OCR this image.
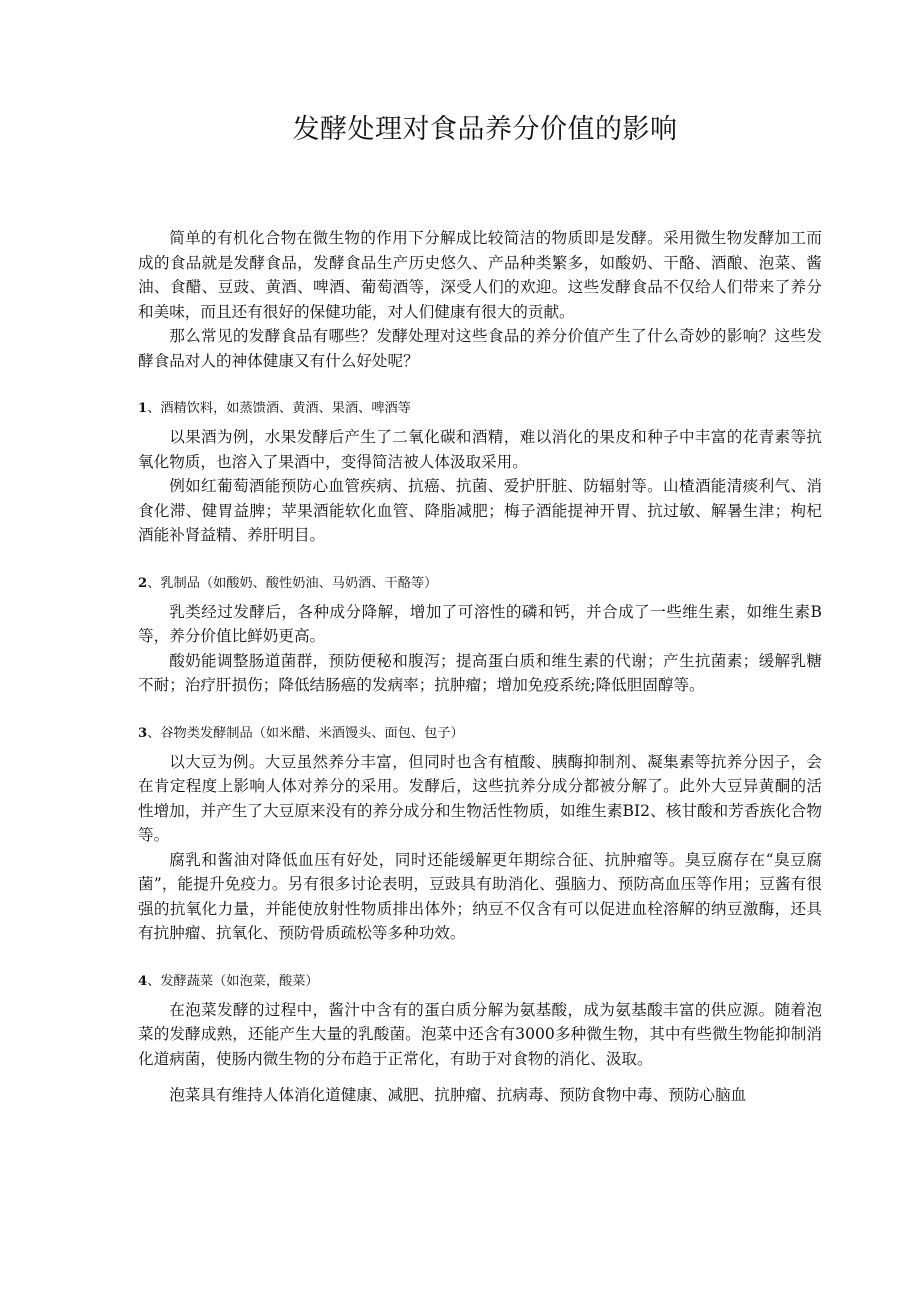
发酵处理对食品养分价值的影响

简单的有机化合物在微生物的作用下分解成比较简洁的物质即是发酵。采用微生物发酵加工而成的食品就是发酵食品，发酵食品生产历史悠久、产品种类繁多，如酸奶、干酪、酒酿、泡菜、酱油、食醋、豆豉、黄酒、啤酒、葡萄酒等，深受人们的欢迎。这些发酵食品不仅给人们带来了养分和美味，而且还有很好的保健功能，对人们健康有很大的贡献。

那么常见的发酵食品有哪些？发酵处理对这些食品的养分价值产生了什么奇妙的影响？这些发酵食品对人的神体健康又有什么好处呢？

1、酒精饮料，如蒸馈酒、黄酒、果酒、啤酒等

以果酒为例，水果发酵后产生了二氧化碳和酒精，难以消化的果皮和种子中丰富的花青素等抗氧化物质，也溶入了果酒中，变得简洁被人体汲取采用。

例如红葡萄酒能预防心血管疾病、抗癌、抗菌、爱护肝脏、防辐射等。山楂酒能清痰利气、消食化滞、健胃益脾；苹果酒能软化血管、降脂减肥；梅子酒能提神开胃、抗过敏、解暑生津；枸杞酒能补肾益精、养肝明目。

2、乳制品（如酸奶、酸性奶油、马奶酒、干酪等）

乳类经过发酵后，各种成分降解，增加了可溶性的磷和钙，并合成了一些维生素，如维生素B等，养分价值比鲜奶更高。

酸奶能调整肠道菌群，预防便秘和腹泻；提高蛋白质和维生素的代谢；产生抗菌素；缓解乳糖不耐；治疗肝损伤；降低结肠癌的发病率；抗肿瘤；增加免疫系统;降低胆固醇等。

3、谷物类发酵制品（如米醋、米酒馒头、面包、包子）

以大豆为例。大豆虽然养分丰富，但同时也含有植酸、胰酶抑制剂、凝集素等抗养分因子，会在肯定程度上影响人体对养分的采用。发酵后，这些抗养分成分都被分解了。此外大豆异黄酮的活性增加，并产生了大豆原来没有的养分成分和生物活性物质，如维生素BI2、核甘酸和芳香族化合物等。

腐乳和酱油对降低血压有好处，同时还能缓解更年期综合征、抗肿瘤等。臭豆腐存在“臭豆腐菌”，能提升免疫力。另有很多讨论表明，豆豉具有助消化、强脑力、预防高血压等作用；豆酱有很强的抗氧化力量，并能使放射性物质排出体外；纳豆不仅含有可以促进血栓溶解的纳豆激酶，还具有抗肿瘤、抗氧化、预防骨质疏松等多种功效。

4、发酵蔬菜（如泡菜，酸菜）

在泡菜发酵的过程中，酱汁中含有的蛋白质分解为氨基酸，成为氨基酸丰富的供应源。随着泡菜的发酵成熟，还能产生大量的乳酸菌。泡菜中还含有3000多种微生物，其中有些微生物能抑制消化道病菌，使肠内微生物的分布趋于正常化，有助于对食物的消化、汲取。

泡菜具有维持人体消化道健康、减肥、抗肿瘤、抗病毒、预防食物中毒、预防心脑血
